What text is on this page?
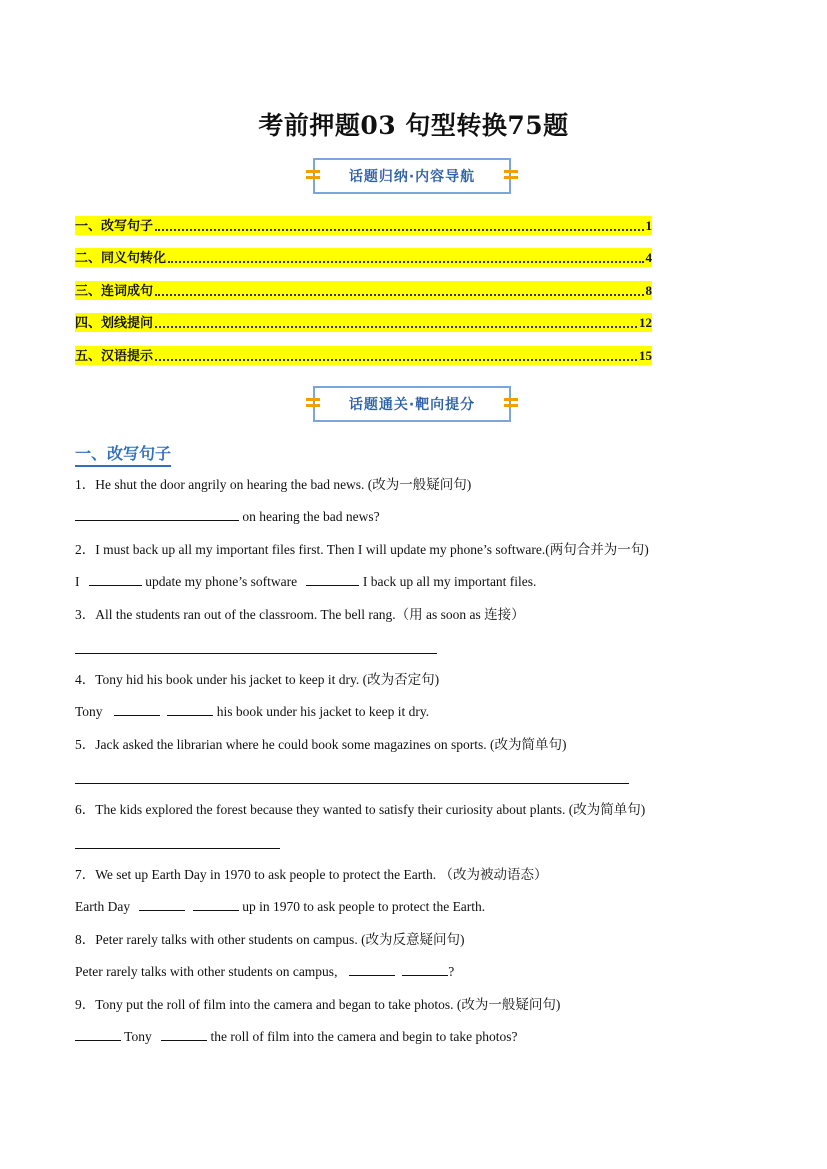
考前押题03 句型转换75题
话题归纳·内容导航
一、改写句子	1
二、同义句转化	4
三、连词成句	8
四、划线提问	12
五、汉语提示	15
话题通关·靶向提分
一、改写句子
1．He shut the door angrily on hearing the bad news. (改为一般疑问句)
on hearing the bad news?
2．I must back up all my important files first. Then I will update my phone’s software.(两句合并为一句)
I	update my phone’s software	I back up all my important files.
3．All the students ran out of the classroom. The bell rang.（用 as soon as 连接）
4．Tony hid his book under his jacket to keep it dry. (改为否定句)
Tony	his book under his jacket to keep it dry.
5．Jack asked the librarian where he could book some magazines on sports. (改为简单句)
6．The kids explored the forest because they wanted to satisfy their curiosity about plants. (改为简单句)
7．We set up Earth Day in 1970 to ask people to protect the Earth. （改为被动语态）
Earth Day	up in 1970 to ask people to protect the Earth.
8．Peter rarely talks with other students on campus. (改为反意疑问句)
Peter rarely talks with other students on campus,	?
9．Tony put the roll of film into the camera and began to take photos. (改为一般疑问句)
Tony	the roll of film into the camera and begin to take photos?
